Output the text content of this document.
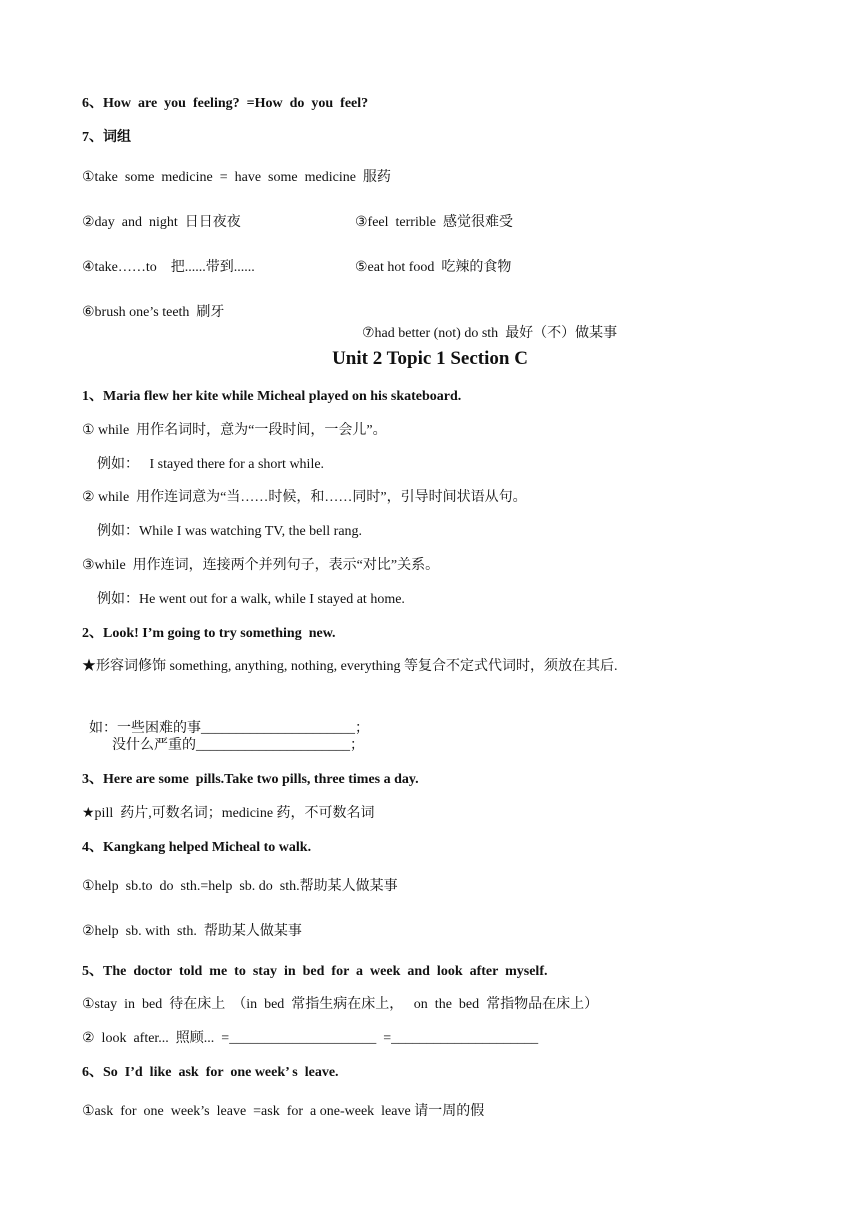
6、How  are  you  feeling?  =How  do  you  feel?
7、词组
①take  some  medicine  =  have  some  medicine  服药
②day  and  night  日日夜夜	③feel  terrible  感觉很难受
④take……to    把......带到......	⑤eat hot food  吃辣的食物
⑥brush one’s teeth  刷牙

⑦had better (not) do sth  最好（不）做某事

Unit 2 Topic 1 Section C
1、Maria flew her kite while Micheal played on his skateboard.
① while  用作名词时，意为“一段时间，一会儿”。
例如：   I stayed there for a short while.
② while  用作连词意为“当……时候，和……同时”，引导时间状语从句。
例如：While I was watching TV, the bell rang.
③while  用作连词，连接两个并列句子，表示“对比”关系。
例如：He went out for a walk, while I stayed at home.
2、Look! I’m going to try something  new.
★形容词修饰 something, anything, nothing, everything 等复合不定式代词时，须放在其后.

如：一些困难的事______________________；

没什么严重的______________________；
3、Here are some  pills.Take two pills, three times a day.
★pill  药片,可数名词；medicine 药，不可数名词
4、Kangkang helped Micheal to walk.
①help  sb.to  do  sth.=help  sb. do  sth.帮助某人做某事
②help  sb. with  sth.  帮助某人做某事
5、The  doctor  told  me  to  stay  in  bed  for  a  week  and  look  after  myself.
①stay  in  bed  待在床上  （in  bed  常指生病在床上，   on  the  bed  常指物品在床上）
②  look  after...  照顾...  =_____________________  =_____________________
6、So  I’d  like  ask  for  one week’ s  leave.
①ask  for  one  week’s  leave  =ask  for  a one-week  leave 请一周的假
